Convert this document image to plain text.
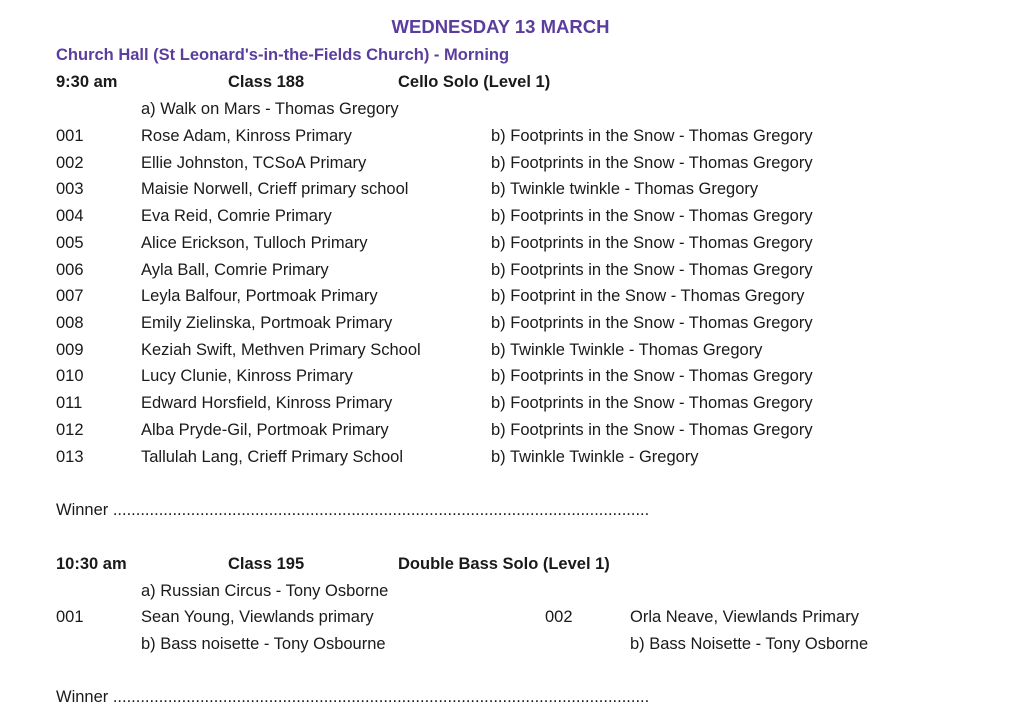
WEDNESDAY 13 MARCH
Church Hall (St Leonard's-in-the-Fields Church) - Morning
9:30 am	Class 188	Cello Solo (Level 1)
a) Walk on Mars - Thomas Gregory
001	Rose Adam, Kinross Primary	b) Footprints in the Snow - Thomas Gregory
002	Ellie Johnston, TCSoA Primary	b) Footprints in the Snow - Thomas Gregory
003	Maisie Norwell, Crieff primary school	b) Twinkle twinkle - Thomas Gregory
004	Eva Reid, Comrie Primary	b) Footprints in the Snow - Thomas Gregory
005	Alice Erickson, Tulloch Primary	b) Footprints in the Snow - Thomas Gregory
006	Ayla Ball, Comrie Primary	b) Footprints in the Snow - Thomas Gregory
007	Leyla Balfour, Portmoak Primary	b) Footprint in the Snow - Thomas Gregory
008	Emily Zielinska, Portmoak Primary	b) Footprints in the Snow - Thomas Gregory
009	Keziah Swift, Methven Primary School	b) Twinkle Twinkle - Thomas Gregory
010	Lucy Clunie, Kinross Primary	b) Footprints in the Snow - Thomas Gregory
011	Edward Horsfield, Kinross Primary	b) Footprints in the Snow - Thomas Gregory
012	Alba Pryde-Gil, Portmoak Primary	b) Footprints in the Snow - Thomas Gregory
013	Tallulah Lang, Crieff Primary School	b) Twinkle Twinkle - Gregory
Winner .....................................................................................................................
10:30 am	Class 195	Double Bass Solo (Level 1)
a) Russian Circus - Tony Osborne
001	Sean Young, Viewlands primary
b) Bass noisette - Tony Osbourne
002	Orla Neave, Viewlands Primary
b) Bass Noisette - Tony Osborne
Winner .....................................................................................................................
